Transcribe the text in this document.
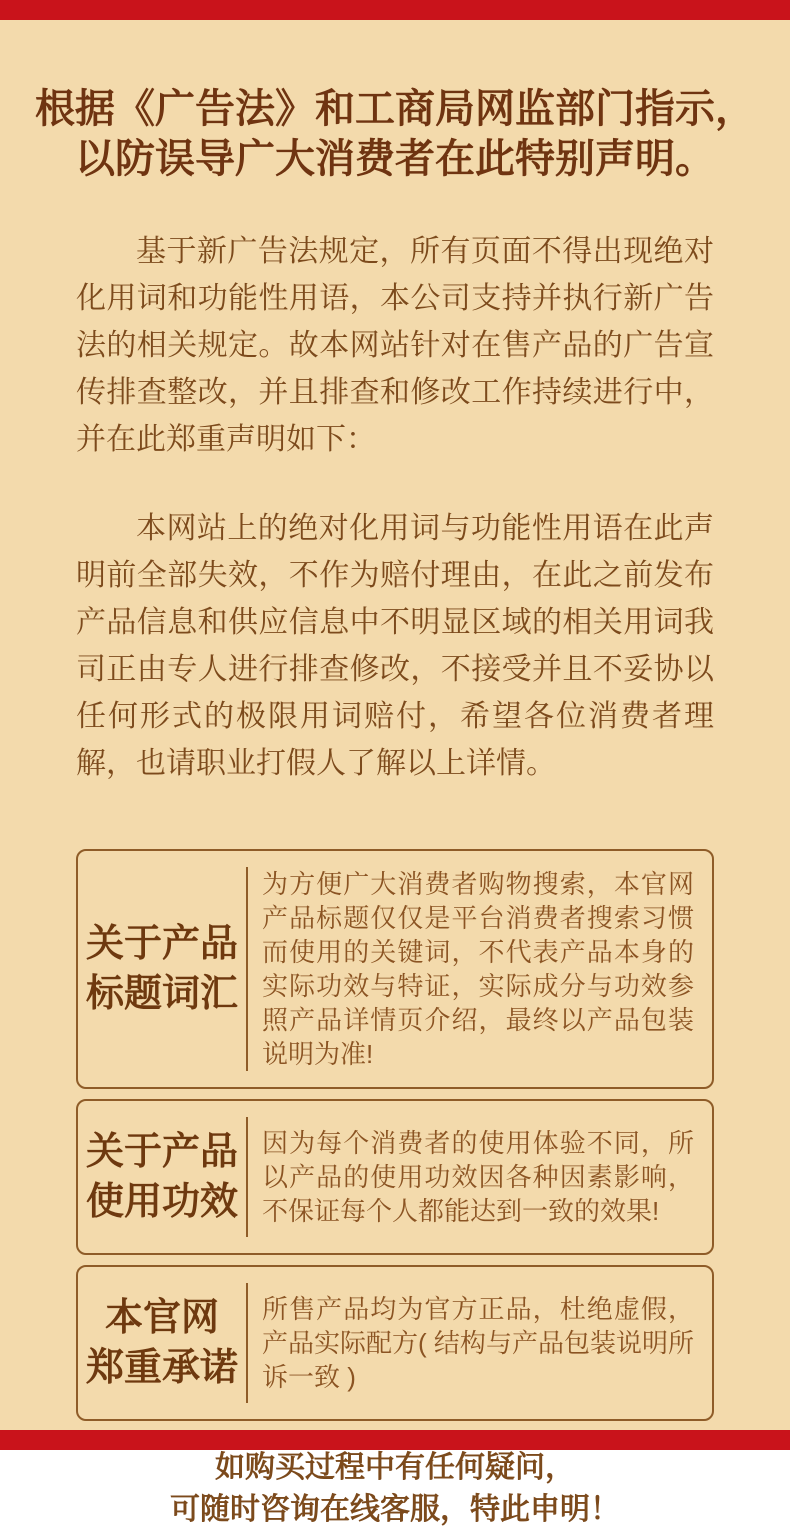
根据《广告法》和工商局网监部门指示，
以防误导广大消费者在此特别声明。

基于新广告法规定，所有页面不得出现绝对化用词和功能性用语，本公司支持并执行新广告法的相关规定。故本网站针对在售产品的广告宣传排查整改，并且排查和修改工作持续进行中，并在此郑重声明如下：

本网站上的绝对化用词与功能性用语在此声明前全部失效，不作为赔付理由，在此之前发布产品信息和供应信息中不明显区域的相关用词我司正由专人进行排查修改，不接受并且不妥协以任何形式的极限用词赔付，希望各位消费者理解，也请职业打假人了解以上详情。

关于产品
标题词汇
为方便广大消费者购物搜索，本官网产品标题仅仅是平台消费者搜索习惯而使用的关键词，不代表产品本身的实际功效与特证，实际成分与功效参照产品详情页介绍，最终以产品包装说明为准!
关于产品
使用功效
因为每个消费者的使用体验不同，所以产品的使用功效因各种因素影响，不保证每个人都能达到一致的效果!
本官网
郑重承诺
所售产品均为官方正品，杜绝虚假，产品实际配方( 结构与产品包装说明所诉一致 )
如购买过程中有任何疑问，
可随时咨询在线客服，特此申明！
